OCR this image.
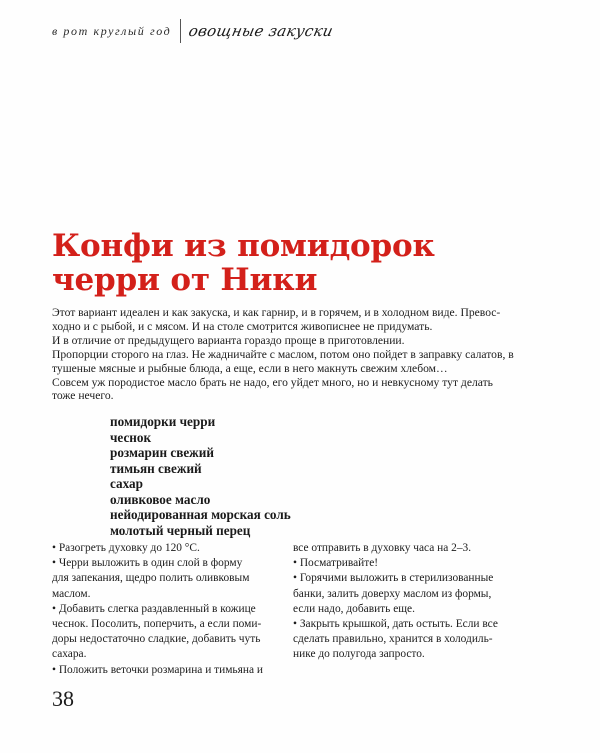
в рот круглый год овощные закуски
Конфи из помидорок
черри от Ники

Этот вариант идеален и как закуска, и как гарнир, и в горячем, и в холодном виде. Превос-
ходно и с рыбой, и с мясом. И на столе смотрится живописнее не придумать.
И в отличие от предыдущего варианта гораздо проще в приготовлении.
Пропорции сторого на глаз. Не жадничайте с маслом, потом оно пойдет в заправку салатов, в
тушеные мясные и рыбные блюда, а еще, если в него макнуть свежим хлебом…
Совсем уж породистое масло брать не надо, его уйдет много, но и невкусному тут делать
тоже нечего.

помидорки черри
чеснок
розмарин свежий
тимьян свежий
сахар
оливковое масло
нейодированная морская соль
молотый черный перец
• Разогреть духовку до 120 °С.
• Черри выложить в один слой в форму
для запекания, щедро полить оливковым
маслом.
• Добавить слегка раздавленный в кожице
чеснок. Посолить, поперчить, а если поми-
доры недостаточно сладкие, добавить чуть
сахара.
• Положить веточки розмарина и тимьяна и
все отправить в духовку часа на 2–3.
• Посматривайте!
• Горячими выложить в стерилизованные
банки, залить доверху маслом из формы,
если надо, добавить еще.
• Закрыть крышкой, дать остыть. Если все
сделать правильно, хранится в холодиль-
нике до полугода запросто.
38
